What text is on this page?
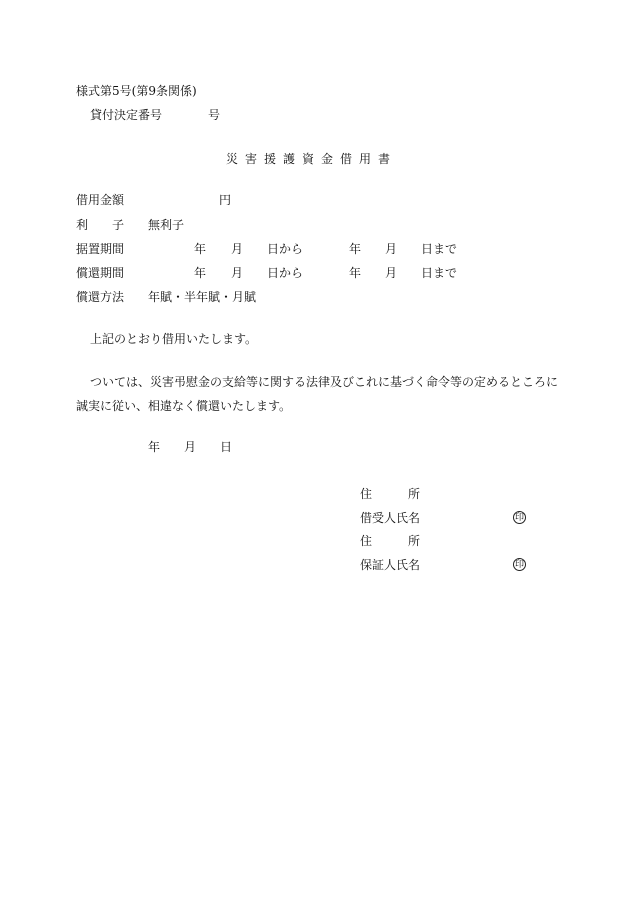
様式第5号(第9条関係)
貸付決定番号	号
災害援護資金借用書
借用金額	円
利 子 無利子
据置期間	年 月 日から	年 月 日まで
償還期間	年 月 日から	年 月 日まで
償還方法 年賦・半年賦・月賦
上記のとおり借用いたします。
ついては、災害弔慰金の支給等に関する法律及びこれに基づく命令等の定めるところに
誠実に従い、相違なく償還いたします。
年 月 日
住	所
借受人氏名	印
住	所
保証人氏名	印
